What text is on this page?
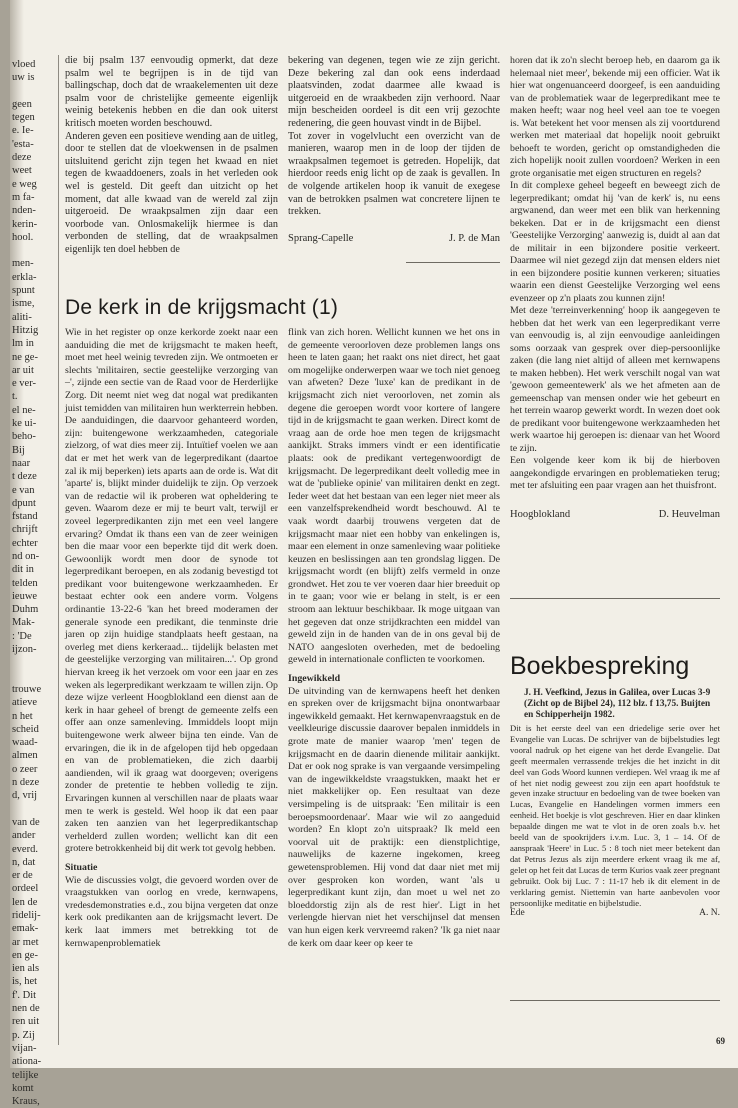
vloed
uw is
geen
tegen
e. Ie-
'esta-
deze
weet
e weg
m fa-
nden-
kerin-
hool.
men-
erkla-
spunt
isme,
aliti-
Hitzig
lm in
ne ge-
ar uit
e ver-
t.
el ne-
ke ui-
beho-
Bij
naar
t deze
e van
dpunt
fstand
chrijft
echter
nd on-
dit in
telden
ieuwe
Duhm
Mak-
: 'De
ijzon-
trouwe
atieve
n het
scheid
waad-
almen
o zeer
n deze
d, vrij
van de
ander
everd.
n, dat
er de
ordeel
len de
ridelij-
emak-
ar met
en ge-
ien als
is, het
f'. Dit
nen de
ren uit
p. Zij
vijan-
ationa-
telijke
komt
Kraus,

die bij psalm 137 eenvoudig opmerkt, dat deze psalm wel te begrijpen is in de tijd van ballingschap, doch dat de wraakelementen uit deze psalm voor de christelijke gemeente eigenlijk weinig betekenis hebben en die dan ook uiterst kritisch moeten worden beschouwd.

Anderen geven een positieve wending aan de uitleg, door te stellen dat de vloekwensen in de psalmen uitsluitend gericht zijn tegen het kwaad en niet tegen de kwaaddoeners, zoals in het verleden ook wel is gesteld. Dit geeft dan uitzicht op het moment, dat alle kwaad van de wereld zal zijn uitgeroeid. De wraakpsalmen zijn daar een voorbode van. Onlosmakelijk hiermee is dan verbonden de stelling, dat de wraakpsalmen eigenlijk ten doel hebben de

bekering van degenen, tegen wie ze zijn gericht. Deze bekering zal dan ook eens inderdaad plaatsvinden, zodat daarmee alle kwaad is uitgeroeid en de wraakbeden zijn verhoord. Naar mijn bescheiden oordeel is dit een vrij gezochte redenering, die geen houvast vindt in de Bijbel.

Tot zover in vogelvlucht een overzicht van de manieren, waarop men in de loop der tijden de wraakpsalmen tegemoet is getreden. Hopelijk, dat hierdoor reeds enig licht op de zaak is gevallen. In de volgende artikelen hoop ik vanuit de exegese van de betrokken psalmen wat concretere lijnen te trekken.

Sprang-Capelle	J. P. de Man
De kerk in de krijgsmacht (1)

Wie in het register op onze kerkorde zoekt naar een aanduiding die met de krijgsmacht te maken heeft, moet met heel weinig tevreden zijn. We ontmoeten er slechts 'militairen, sectie geestelijke verzorging van –', zijnde een sectie van de Raad voor de Herderlijke Zorg. Dit neemt niet weg dat nogal wat predikanten juist temidden van militairen hun werkterrein hebben. De aanduidingen, die daarvoor gehanteerd worden, zijn: buitengewone werkzaamheden, categoriale zielzorg, of wat dies meer zij. Intuïtief voelen we aan dat er met het werk van de legerpredikant (daartoe zal ik mij beperken) iets aparts aan de orde is. Wat dit 'aparte' is, blijkt minder duidelijk te zijn. Op verzoek van de redactie wil ik proberen wat opheldering te geven. Waarom deze er mij te beurt valt, terwijl er zoveel legerpredikanten zijn met een veel langere ervaring? Omdat ik thans een van de zeer weinigen ben die maar voor een beperkte tijd dit werk doen. Gewoonlijk wordt men door de synode tot legerpredikant beroepen, en als zodanig bevestigd tot predikant voor buitengewone werkzaamheden. Er bestaat echter ook een andere vorm. Volgens ordinantie 13-22-6 'kan het breed moderamen der generale synode een predikant, die tenminste drie jaren op zijn huidige standplaats heeft gestaan, na overleg met diens kerkeraad... tijdelijk belasten met de geestelijke verzorging van militairen...'. Op grond hiervan kreeg ik het verzoek om voor een jaar en zes weken als legerpredikant werkzaam te willen zijn. Op deze wijze verleent Hoogblokland een dienst aan de kerk in haar geheel of brengt de gemeente zelfs een offer aan onze samenleving. Immiddels loopt mijn buitengewone werk alweer bijna ten einde. Van de ervaringen, die ik in de afgelopen tijd heb opgedaan en van de problematieken, die zich daarbij aandienden, wil ik graag wat doorgeven; overigens zonder de pretentie te hebben volledig te zijn. Ervaringen kunnen al verschillen naar de plaats waar men te werk is gesteld. Wel hoop ik dat een paar zaken ten aanzien van het legerpredikantschap verhelderd zullen worden; wellicht kan dit een grotere betrokkenheid bij dit werk tot gevolg hebben.

Situatie

Wie de discussies volgt, die gevoerd worden over de vraagstukken van oorlog en vrede, kernwapens, vredesdemonstraties e.d., zou bijna vergeten dat onze kerk ook predikanten aan de krijgsmacht levert. De kerk laat immers met betrekking tot de kernwapenproblematiek

flink van zich horen. Wellicht kunnen we het ons in de gemeente veroorloven deze problemen langs ons heen te laten gaan; het raakt ons niet direct, het gaat om mogelijke onderwerpen waar we toch niet genoeg van afweten? Deze 'luxe' kan de predikant in de krijgsmacht zich niet veroorloven, net zomin als degene die geroepen wordt voor kortere of langere tijd in de krijgsmacht te gaan werken. Direct komt de vraag aan de orde hoe men tegen de krijgsmacht aankijkt. Straks immers vindt er een identificatie plaats: ook de predikant vertegenwoordigt de krijgsmacht. De legerpredikant deelt volledig mee in wat de 'publieke opinie' van militairen denkt en zegt. Ieder weet dat het bestaan van een leger niet meer als een vanzelfsprekendheid wordt beschouwd. Al te vaak wordt daarbij trouwens vergeten dat de krijgsmacht maar niet een hobby van enkelingen is, maar een element in onze samenleving waar politieke keuzen en beslissingen aan ten grondslag liggen. De krijgsmacht wordt (en blijft) zelfs vermeld in onze grondwet. Het zou te ver voeren daar hier breeduit op in te gaan; voor wie er belang in stelt, is er een stroom aan lektuur beschikbaar. Ik moge uitgaan van het gegeven dat onze strijdkrachten een middel van geweld zijn in de handen van de in ons geval bij de NATO aangesloten overheden, met de bedoeling geweld in internationale conflicten te voorkomen.

Ingewikkeld

De uitvinding van de kernwapens heeft het denken en spreken over de krijgsmacht bijna onontwarbaar ingewikkeld gemaakt. Het kernwapenvraagstuk en de veelkleurige discussie daarover bepalen inmiddels in grote mate de manier waarop 'men' tegen de krijgsmacht en de daarin dienende militair aankijkt. Dat er ook nog sprake is van vergaande versimpeling van de ingewikkeldste vraagstukken, maakt het er niet makkelijker op. Een resultaat van deze versimpeling is de uitspraak: 'Een militair is een beroepsmoordenaar'. Maar wie wil zo aangeduid worden? En klopt zo'n uitspraak? Ik meld een voorval uit de praktijk: een dienstplichtige, nauwelijks de kazerne ingekomen, kreeg gewetensproblemen. Hij vond dat daar niet met mij over gesproken kon worden, want 'als u legerpredikant kunt zijn, dan moet u wel net zo bloeddorstig zijn als de rest hier'. Ligt in het verlengde hiervan niet het verschijnsel dat mensen van hun eigen kerk vervreemd raken? 'Ik ga niet naar de kerk om daar keer op keer te

horen dat ik zo'n slecht beroep heb, en daarom ga ik helemaal niet meer', bekende mij een officier. Wat ik hier wat ongenuanceerd doorgeef, is een aanduiding van de problematiek waar de legerpredikant mee te maken heeft; waar nog heel veel aan toe te voegen is. Wat betekent het voor mensen als zij voortdurend werken met materiaal dat hopelijk nooit gebruikt behoeft te worden, gericht op omstandigheden die zich hopelijk nooit zullen voordoen? Werken in een grote organisatie met eigen structuren en regels?

In dit complexe geheel begeeft en beweegt zich de legerpredikant; omdat hij 'van de kerk' is, nu eens argwanend, dan weer met een blik van herkenning bekeken. Dat er in de krijgsmacht een dienst 'Geestelijke Verzorging' aanwezig is, duidt al aan dat de militair in een bijzondere positie verkeert. Daarmee wil niet gezegd zijn dat mensen elders niet in een bijzondere positie kunnen verkeren; situaties waarin een dienst Geestelijke Verzorging wel eens evenzeer op z'n plaats zou kunnen zijn!

Met deze 'terreinverkenning' hoop ik aangegeven te hebben dat het werk van een legerpredikant verre van eenvoudig is, al zijn eenvoudige aanleidingen soms oorzaak van gesprek over diep-persoonlijke zaken (die lang niet altijd of alleen met kernwapens te maken hebben). Het werk verschilt nogal van wat 'gewoon gemeentewerk' als we het afmeten aan de gemeenschap van mensen onder wie het gebeurt en het terrein waarop gewerkt wordt. In wezen doet ook de predikant voor buitengewone werkzaamheden het werk waartoe hij geroepen is: dienaar van het Woord te zijn.

Een volgende keer kom ik bij de hierboven aangekondigde ervaringen en problematieken terug; met ter afsluiting een paar vragen aan het thuisfront.

Hoogblokland	D. Heuvelman
Boekbespreking

J. H. Veefkind, Jezus in Galilea, over Lucas 3-9 (Zicht op de Bijbel 24), 112 blz. f 13,75. Buijten en Schipperheijn 1982.

Dit is het eerste deel van een driedelige serie over het Evangelie van Lucas. De schrijver van de bijbelstudies legt vooral nadruk op het eigene van het derde Evangelie. Dat geeft meermalen verrassende trekjes die het inzicht in dit deel van Gods Woord kunnen verdiepen. Wel vraag ik me af of het niet nodig geweest zou zijn een apart hoofdstuk te geven inzake structuur en bedoeling van de twee boeken van Lucas, Evangelie en Handelingen vormen immers een eenheid. Het boekje is vlot geschreven. Hier en daar klinken bepaalde dingen me wat te vlot in de oren zoals b.v. het beeld van de spookrijders i.v.m. Luc. 3, 1 – 14. Of de aanspraak 'Heere' in Luc. 5 : 8 toch niet meer betekent dan dat Petrus Jezus als zijn meerdere erkent vraag ik me af, gelet op het feit dat Lucas de term Kurios vaak zeer pregnant gebruikt. Ook bij Luc. 7 : 11-17 heb ik dit element in de verklaring gemist. Niettemin van harte aanbevolen voor persoonlijke meditatie en bijbelstudie.

Ede	A. N.
69
